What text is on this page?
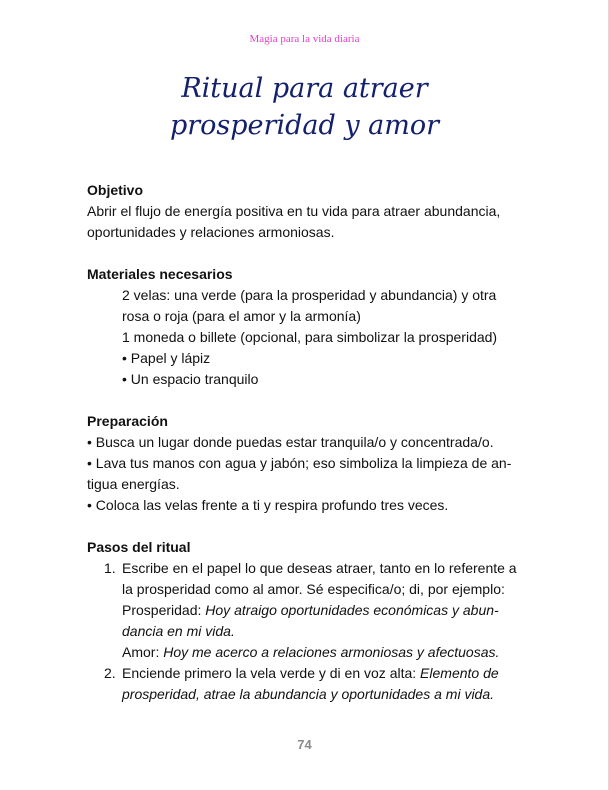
Magia para la vida diaria
Ritual para atraer
prosperidad y amor

Objetivo

Abrir el flujo de energía positiva en tu vida para atraer abundancia,

oportunidades y relaciones armoniosas.

Materiales necesarios

2 velas: una verde (para la prosperidad y abundancia) y otra

rosa o roja (para el amor y la armonía)

1 moneda o billete (opcional, para simbolizar la prosperidad)

• Papel y lápiz

• Un espacio tranquilo

Preparación

• Busca un lugar donde puedas estar tranquila/o y concentrada/o.

• Lava tus manos con agua y jabón; eso simboliza la limpieza de an-

tigua energías.

• Coloca las velas frente a ti y respira profundo tres veces.

Pasos del ritual

1. Escribe en el papel lo que deseas atraer, tanto en lo referente a

la prosperidad como al amor. Sé especifica/o; di, por ejemplo:

Prosperidad: Hoy atraigo oportunidades económicas y abun-

dancia en mi vida.

Amor: Hoy me acerco a relaciones armoniosas y afectuosas.

2. Enciende primero la vela verde y di en voz alta: Elemento de

prosperidad, atrae la abundancia y oportunidades a mi vida.

74
